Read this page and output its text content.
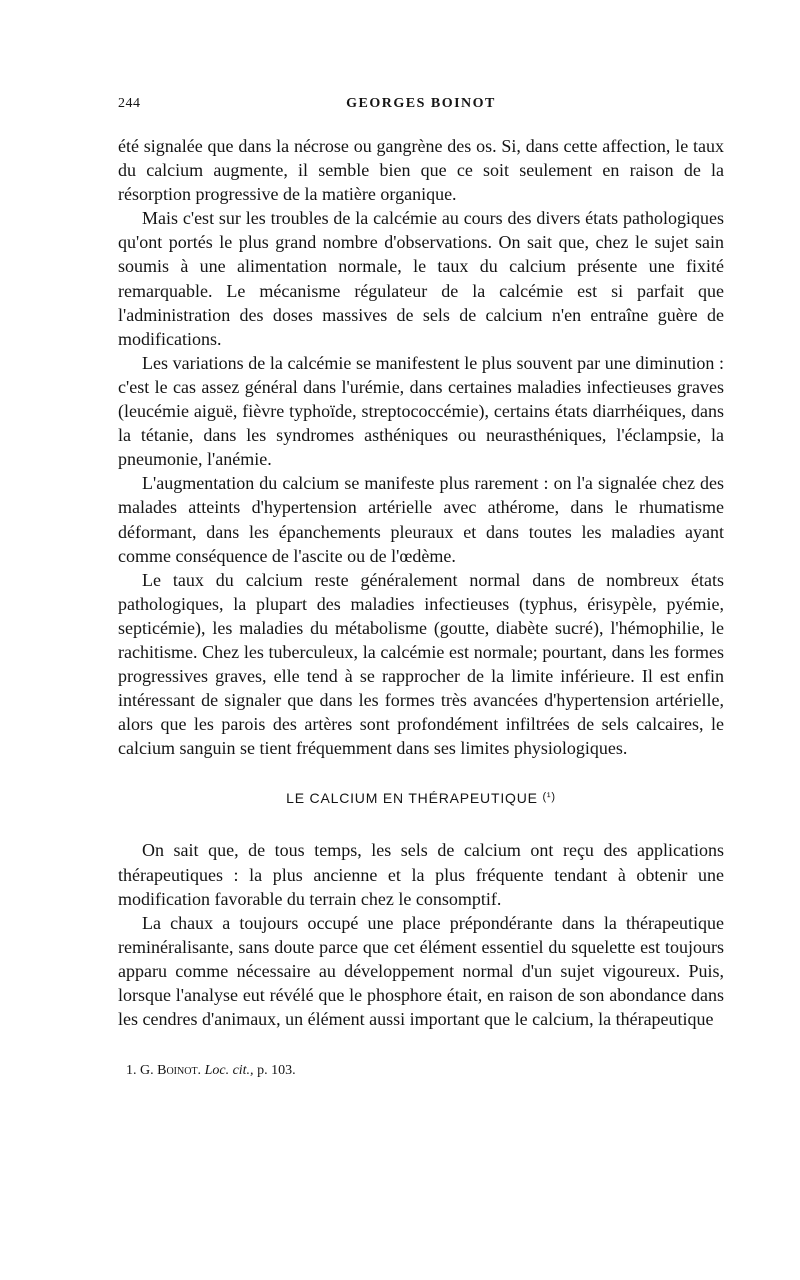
244	GEORGES BOINOT

été signalée que dans la nécrose ou gangrène des os. Si, dans cette affection, le taux du calcium augmente, il semble bien que ce soit seulement en raison de la résorption progressive de la matière organique.

Mais c'est sur les troubles de la calcémie au cours des divers états pathologiques qu'ont portés le plus grand nombre d'observations. On sait que, chez le sujet sain soumis à une alimentation normale, le taux du calcium présente une fixité remarquable. Le mécanisme régulateur de la calcémie est si parfait que l'administration des doses massives de sels de calcium n'en entraîne guère de modifications.

Les variations de la calcémie se manifestent le plus souvent par une diminution : c'est le cas assez général dans l'urémie, dans certaines maladies infectieuses graves (leucémie aiguë, fièvre typhoïde, streptococcémie), certains états diarrhéiques, dans la tétanie, dans les syndromes asthéniques ou neurasthéniques, l'éclampsie, la pneumonie, l'anémie.

L'augmentation du calcium se manifeste plus rarement : on l'a signalée chez des malades atteints d'hypertension artérielle avec athérome, dans le rhumatisme déformant, dans les épanchements pleuraux et dans toutes les maladies ayant comme conséquence de l'ascite ou de l'œdème.

Le taux du calcium reste généralement normal dans de nombreux états pathologiques, la plupart des maladies infectieuses (typhus, érisypèle, pyémie, septicémie), les maladies du métabolisme (goutte, diabète sucré), l'hémophilie, le rachitisme. Chez les tuberculeux, la calcémie est normale; pourtant, dans les formes progressives graves, elle tend à se rapprocher de la limite inférieure. Il est enfin intéressant de signaler que dans les formes très avancées d'hypertension artérielle, alors que les parois des artères sont profondément infiltrées de sels calcaires, le calcium sanguin se tient fréquemment dans ses limites physiologiques.

LE CALCIUM EN THÉRAPEUTIQUE $^{(^1)}$

On sait que, de tous temps, les sels de calcium ont reçu des applications thérapeutiques : la plus ancienne et la plus fréquente tendant à obtenir une modification favorable du terrain chez le consomptif.

La chaux a toujours occupé une place prépondérante dans la thérapeutique reminéralisante, sans doute parce que cet élément essentiel du squelette est toujours apparu comme nécessaire au développement normal d'un sujet vigoureux. Puis, lorsque l'analyse eut révélé que le phosphore était, en raison de son abondance dans les cendres d'animaux, un élément aussi important que le calcium, la thérapeutique

1. G. Boinot. Loc. cit., p. 103.
